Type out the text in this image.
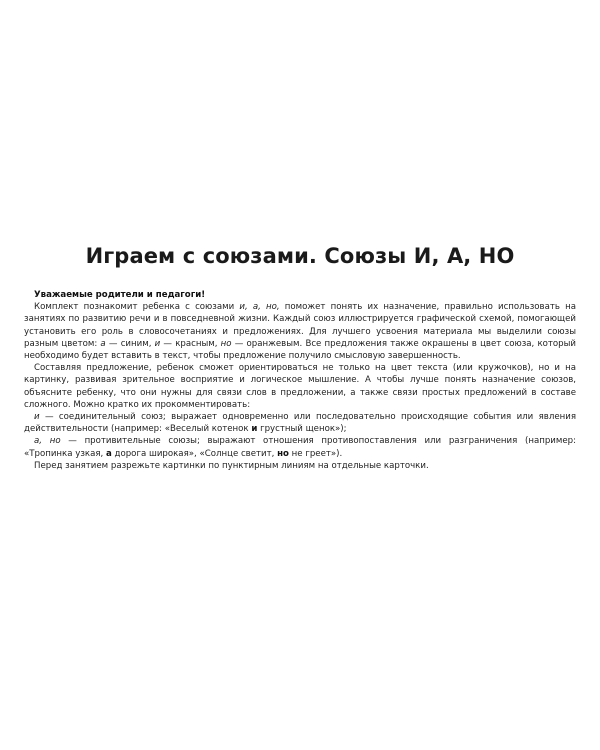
Играем с союзами. Союзы И, А, НО

Уважаемые родители и педагоги!

Комплект познакомит ребенка с союзами и, а, но, поможет понять их назначение, правильно использовать на занятиях по развитию речи и в повседневной жизни. Каждый союз иллюстрируется графической схемой, помогающей установить его роль в словосочетаниях и предложениях. Для лучшего усвоения материала мы выделили союзы разным цветом: а — синим, и — красным, но — оранжевым. Все предложения также окрашены в цвет союза, который необходимо будет вставить в текст, чтобы предложение получило смысловую завершенность.

Составляя предложение, ребенок сможет ориентироваться не только на цвет текста (или кружочков), но и на картинку, развивая зрительное восприятие и логическое мышление. А чтобы лучше понять назначение союзов, объясните ребенку, что они нужны для связи слов в предложении, а также связи простых предложений в составе сложного. Можно кратко их прокомментировать:

и — соединительный союз; выражает одновременно или последовательно происходящие события или явления действительности (например: «Веселый котенок и грустный щенок»);

а, но — противительные союзы; выражают отношения противопоставления или разграничения (например: «Тропинка узкая, а дорога широкая», «Солнце светит, но не греет»).

Перед занятием разрежьте картинки по пунктирным линиям на отдельные карточки.
